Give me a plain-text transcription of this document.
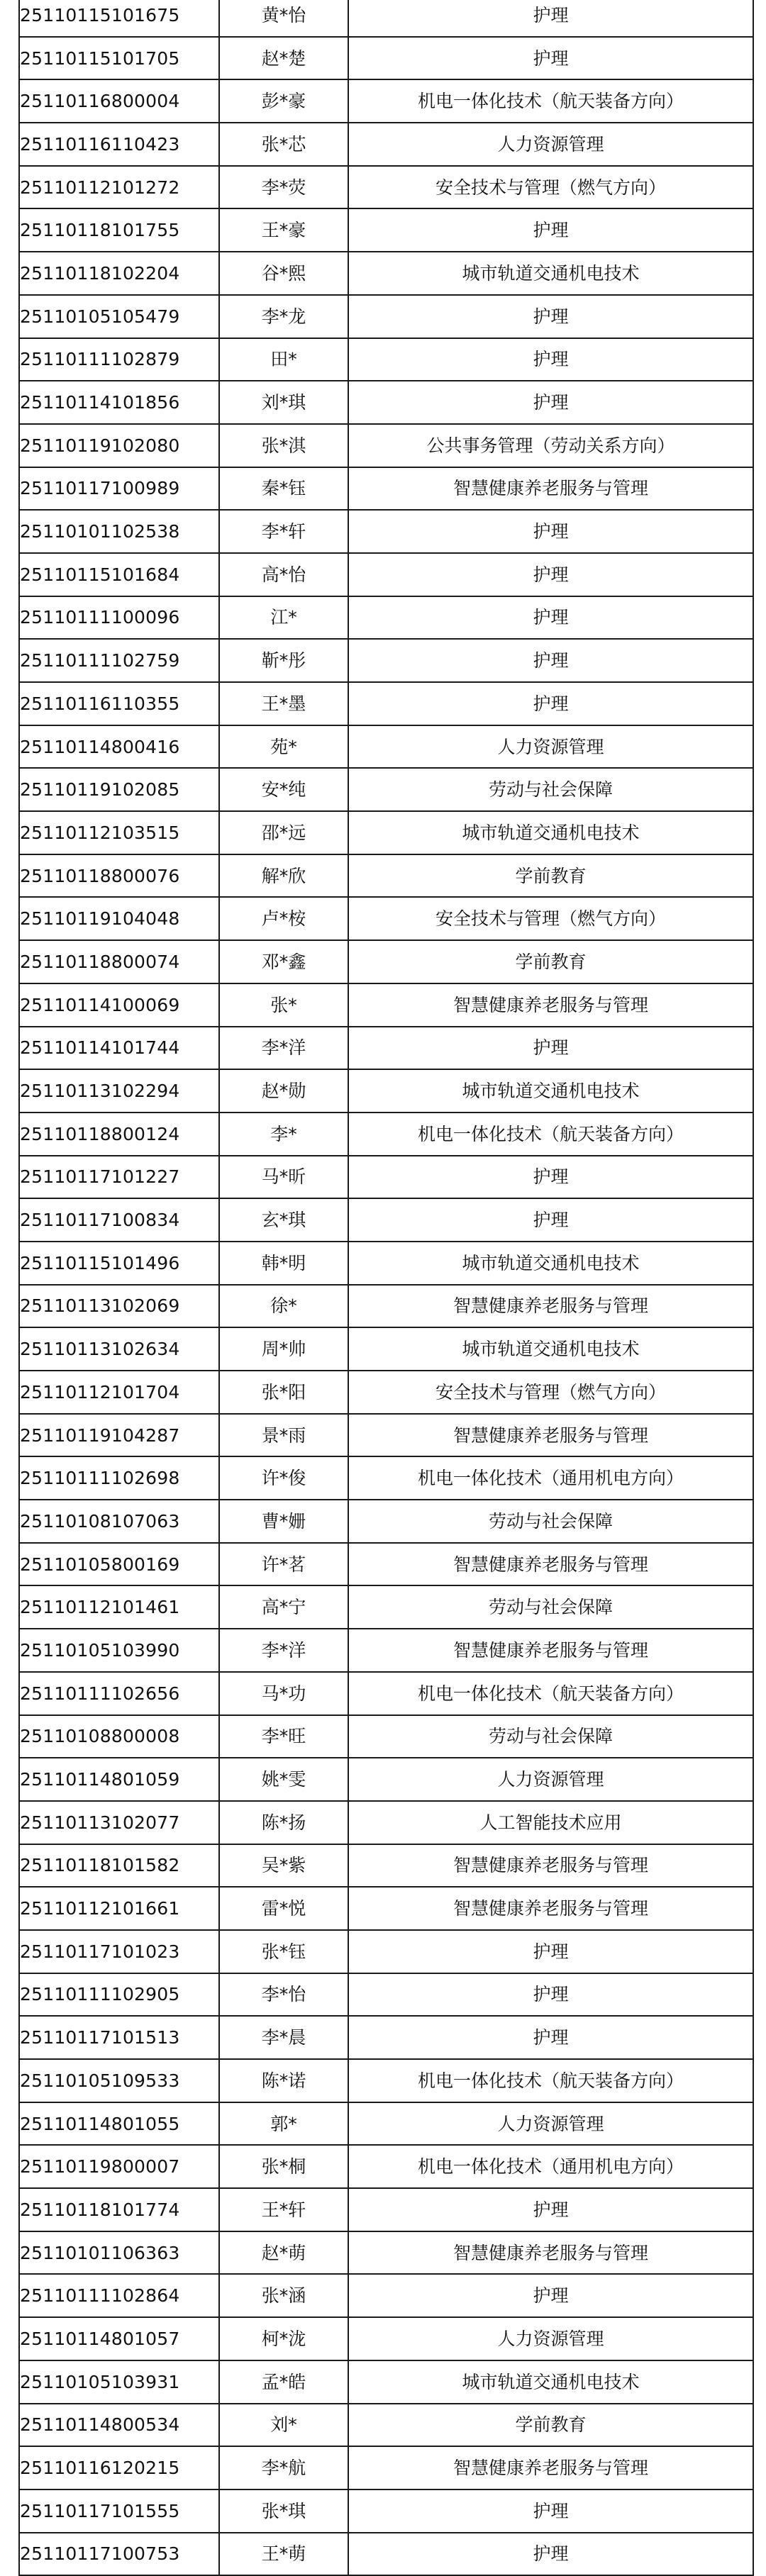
25110115101675	黄*怡	护理
25110115101705	赵*楚	护理
25110116800004	彭*豪	机电一体化技术（航天装备方向）
25110116110423	张*芯	人力资源管理
25110112101272	李*荧	安全技术与管理（燃气方向）
25110118101755	王*豪	护理
25110118102204	谷*熙	城市轨道交通机电技术
25110105105479	李*龙	护理
25110111102879	田*	护理
25110114101856	刘*琪	护理
25110119102080	张*淇	公共事务管理（劳动关系方向）
25110117100989	秦*钰	智慧健康养老服务与管理
25110101102538	李*轩	护理
25110115101684	高*怡	护理
25110111100096	江*	护理
25110111102759	靳*彤	护理
25110116110355	王*墨	护理
25110114800416	苑*	人力资源管理
25110119102085	安*纯	劳动与社会保障
25110112103515	邵*远	城市轨道交通机电技术
25110118800076	解*欣	学前教育
25110119104048	卢*桉	安全技术与管理（燃气方向）
25110118800074	邓*鑫	学前教育
25110114100069	张*	智慧健康养老服务与管理
25110114101744	李*洋	护理
25110113102294	赵*勋	城市轨道交通机电技术
25110118800124	李*	机电一体化技术（航天装备方向）
25110117101227	马*昕	护理
25110117100834	玄*琪	护理
25110115101496	韩*明	城市轨道交通机电技术
25110113102069	徐*	智慧健康养老服务与管理
25110113102634	周*帅	城市轨道交通机电技术
25110112101704	张*阳	安全技术与管理（燃气方向）
25110119104287	景*雨	智慧健康养老服务与管理
25110111102698	许*俊	机电一体化技术（通用机电方向）
25110108107063	曹*姗	劳动与社会保障
25110105800169	许*茗	智慧健康养老服务与管理
25110112101461	高*宁	劳动与社会保障
25110105103990	李*洋	智慧健康养老服务与管理
25110111102656	马*功	机电一体化技术（航天装备方向）
25110108800008	李*旺	劳动与社会保障
25110114801059	姚*雯	人力资源管理
25110113102077	陈*扬	人工智能技术应用
25110118101582	吴*紫	智慧健康养老服务与管理
25110112101661	雷*悦	智慧健康养老服务与管理
25110117101023	张*钰	护理
25110111102905	李*怡	护理
25110117101513	李*晨	护理
25110105109533	陈*诺	机电一体化技术（航天装备方向）
25110114801055	郭*	人力资源管理
25110119800007	张*桐	机电一体化技术（通用机电方向）
25110118101774	王*轩	护理
25110101106363	赵*萌	智慧健康养老服务与管理
25110111102864	张*涵	护理
25110114801057	柯*泷	人力资源管理
25110105103931	孟*皓	城市轨道交通机电技术
25110114800534	刘*	学前教育
25110116120215	李*航	智慧健康养老服务与管理
25110117101555	张*琪	护理
25110117100753	王*萌	护理
